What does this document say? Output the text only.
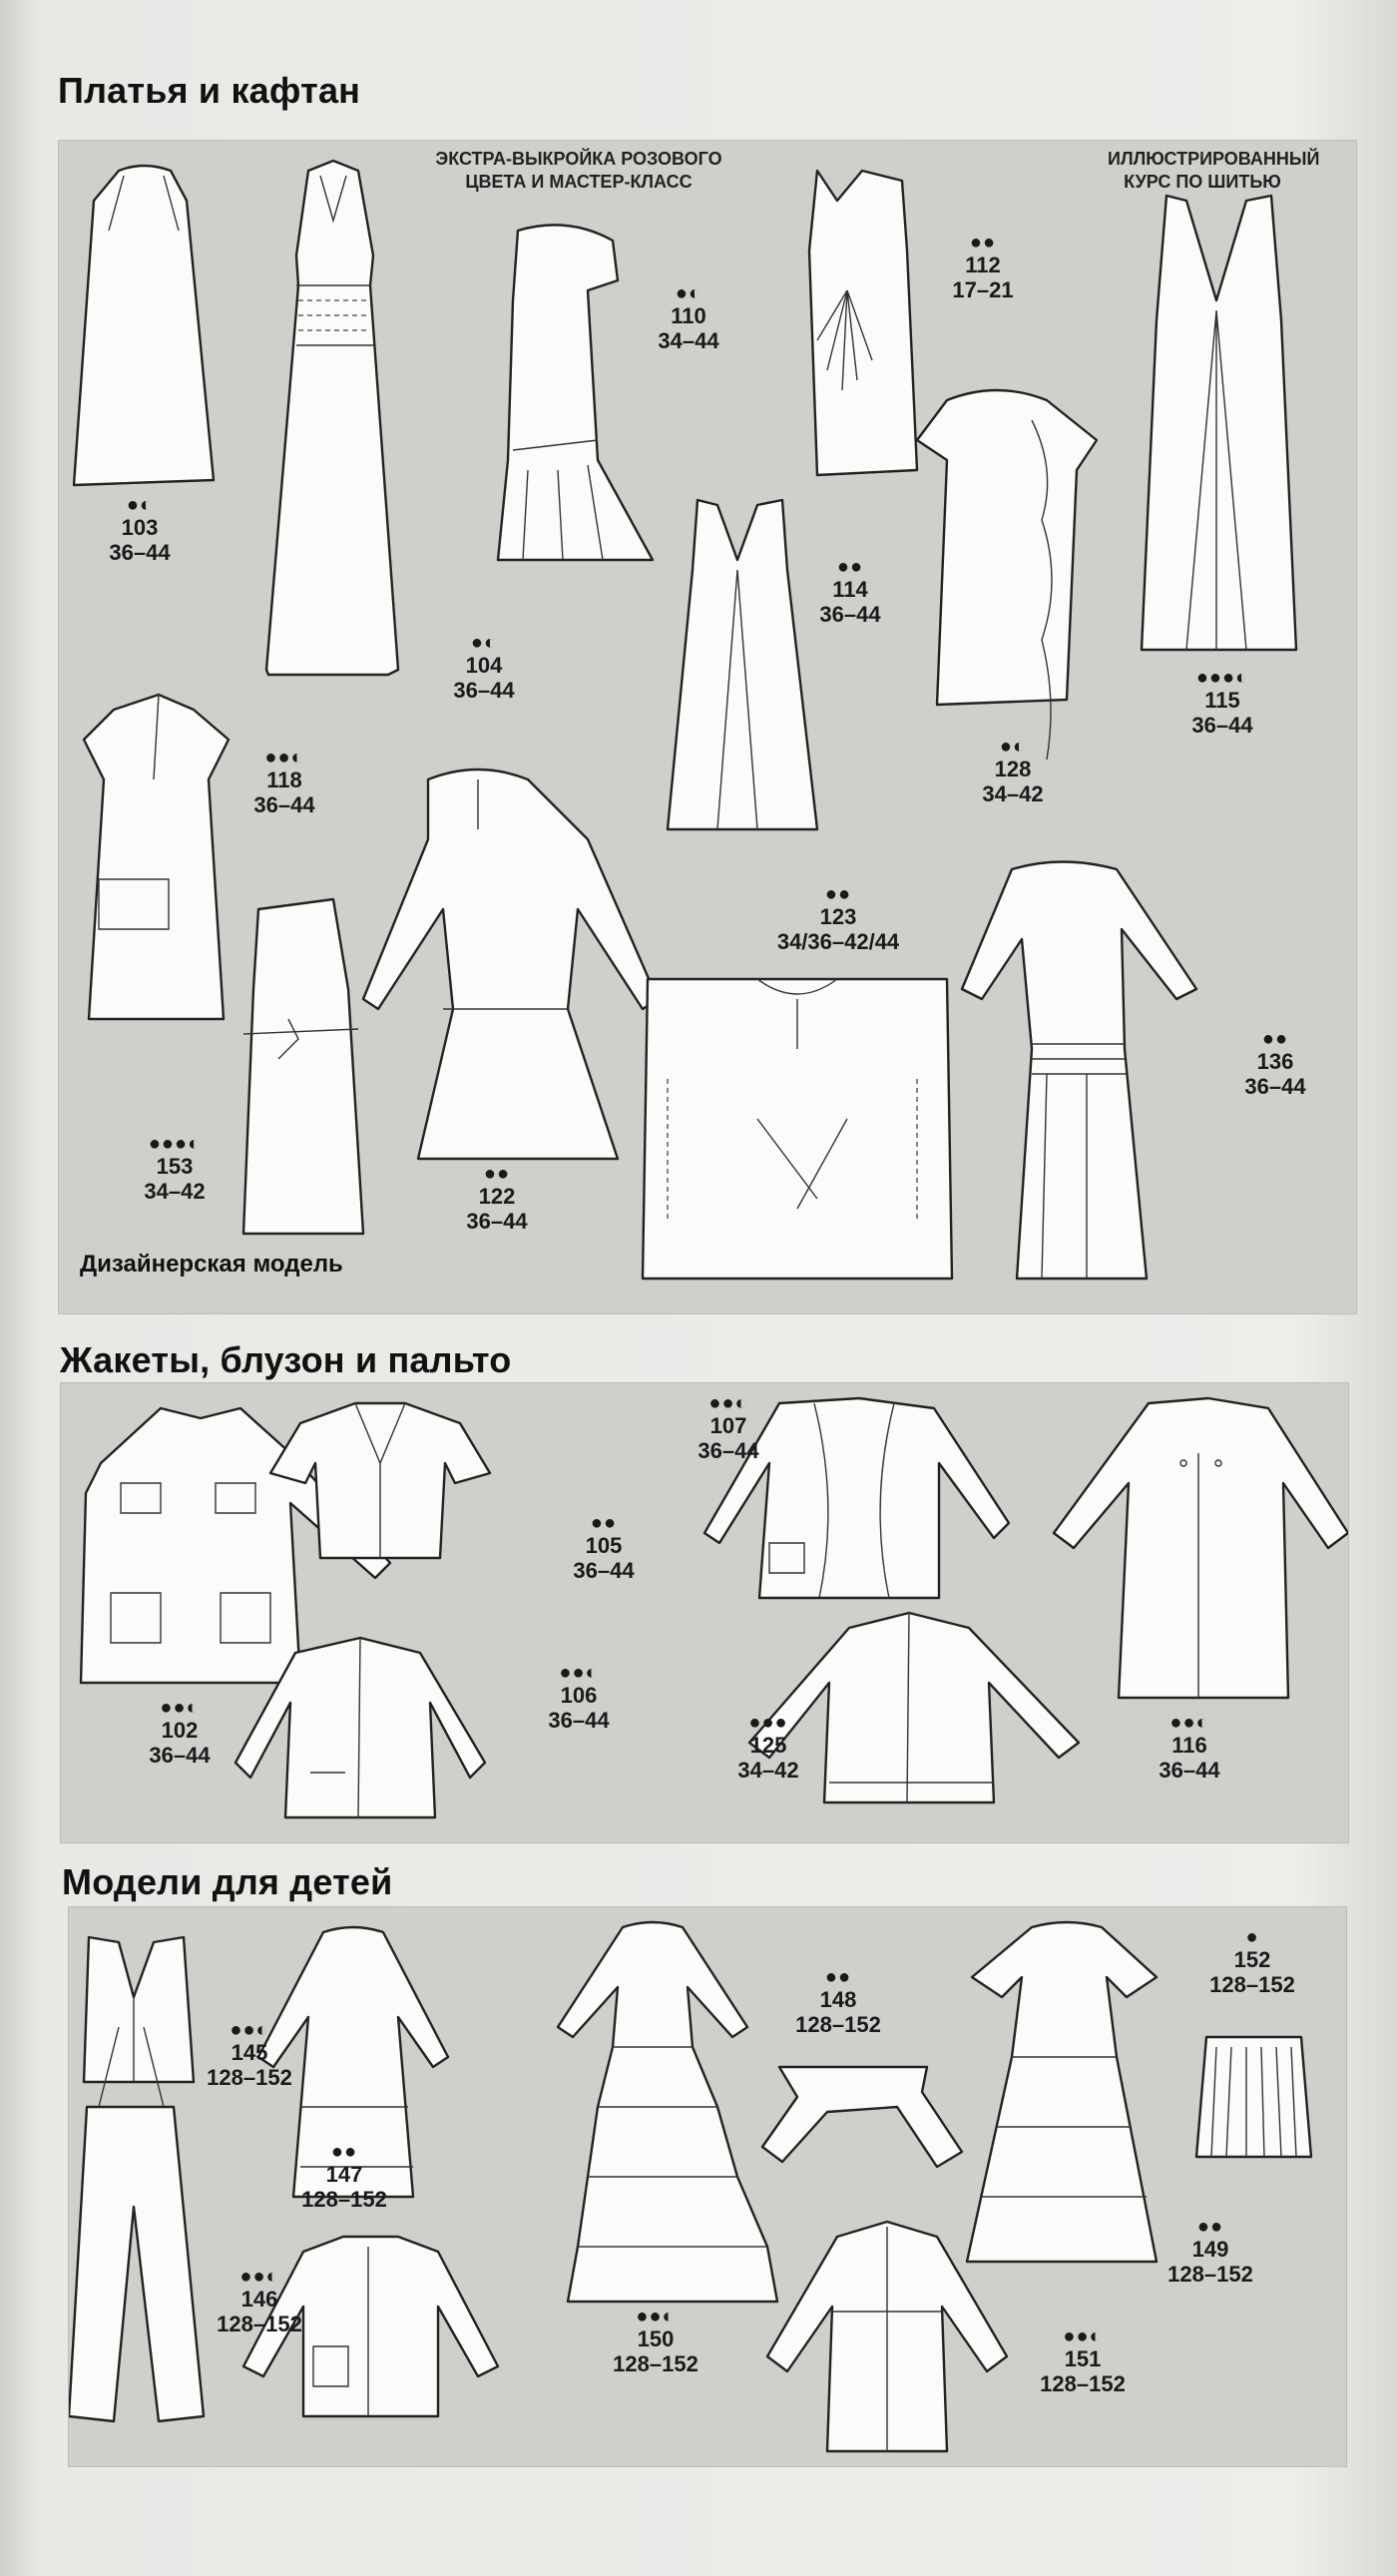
Платья и кафтан
ЭКСТРА-ВЫКРОЙКА РОЗОВОГО ЦВЕТА И МАСТЕР-КЛАСС
ИЛЛЮСТРИРОВАННЫЙ КУРС ПО ШИТЬЮ
●◐
103
36–44
●◐
104
36–44
●◐
110
34–44
●●
112
17–21
●●
114
36–44
●●●◐
115
36–44
●●◐
118
36–44
●◐
128
34–42
●●
122
36–44
●●
123
34/36–42/44
●●
136
36–44
●●●◐
153
34–42
Дизайнерская модель
Жакеты, блузон и пальто
●●
105
36–44
●●◐
107
36–44
●●◐
102
36–44
●●◐
106
36–44	●●●
125
34–42
●●◐
116
36–44
Модели для детей
●●◐
145
128–152
●●
147
128–152
●●
148
128–152
●
152
128–152
●●
149
128–152
●●◐
146
128–152	●●◐
150
128–152
●●◐
151
128–152
